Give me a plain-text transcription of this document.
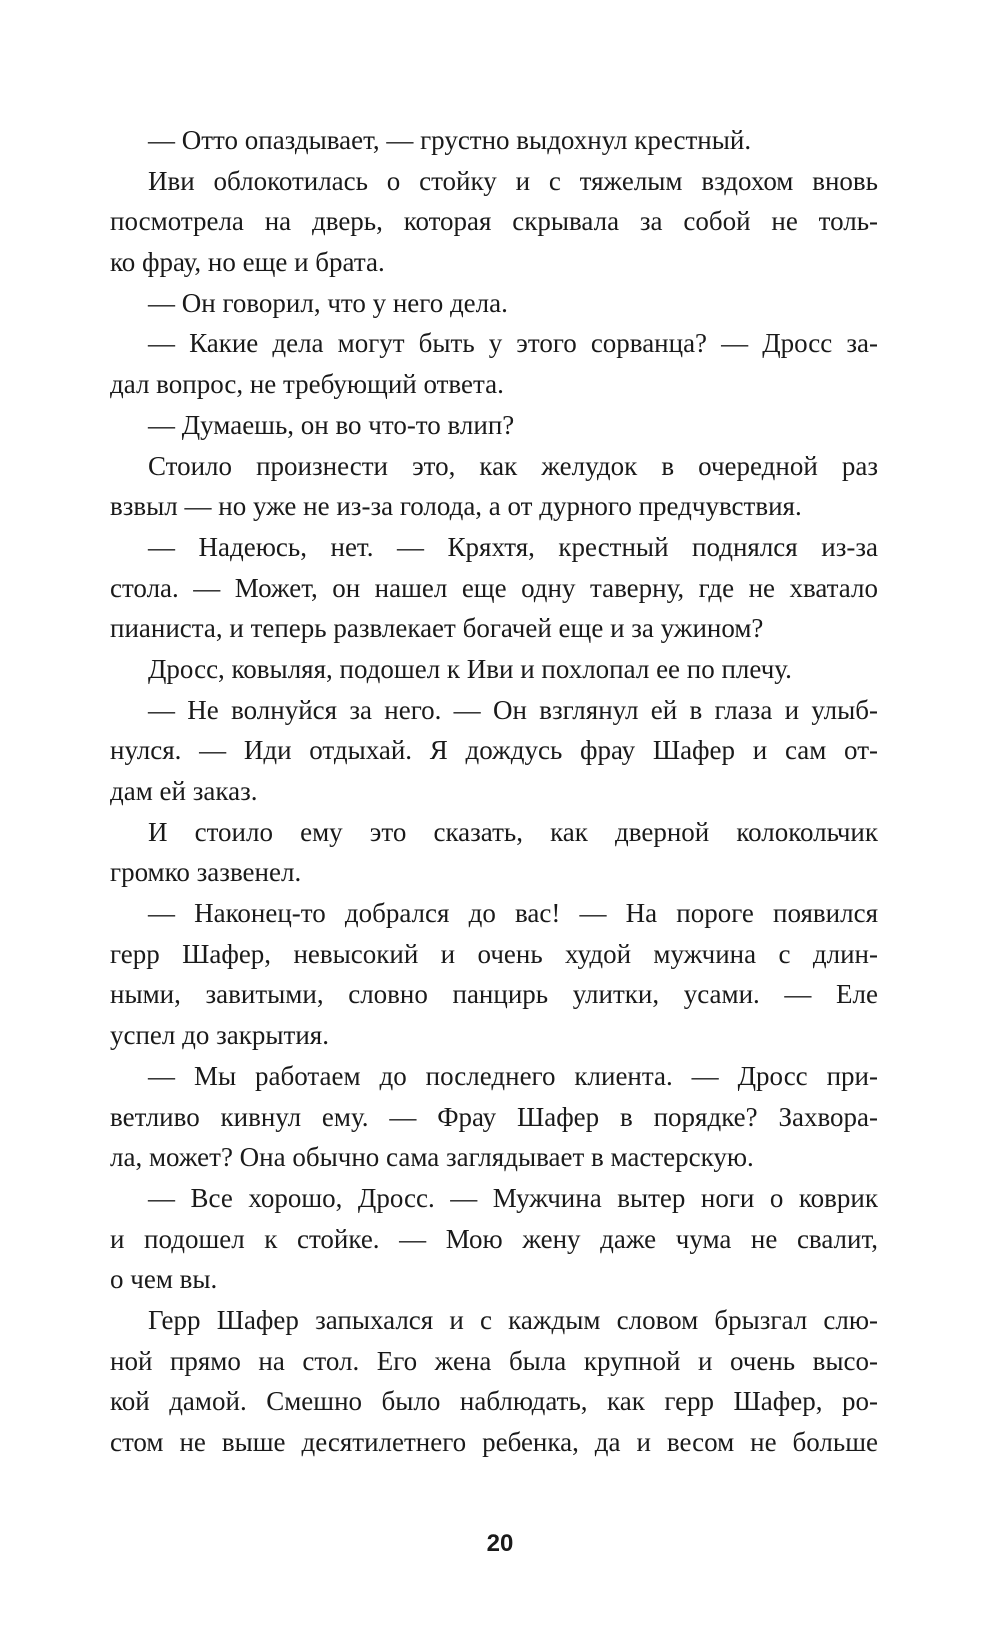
— Отто опаздывает, — грустно выдохнул крестный.
Иви облокотилась о стойку и с тяжелым вздохом вновь
посмотрела на дверь, которая скрывала за собой не толь-
ко фрау, но еще и брата.
— Он говорил, что у него дела.
— Какие дела могут быть у этого сорванца? — Дросс за-
дал вопрос, не требующий ответа.
— Думаешь, он во что-то влип?
Стоило произнести это, как желудок в очередной раз
взвыл — но уже не из-за голода, а от дурного предчувствия.
— Надеюсь, нет. — Кряхтя, крестный поднялся из-за
стола. — Может, он нашел еще одну таверну, где не хватало
пианиста, и теперь развлекает богачей еще и за ужином?
Дросс, ковыляя, подошел к Иви и похлопал ее по плечу.
— Не волнуйся за него. — Он взглянул ей в глаза и улыб-
нулся. — Иди отдыхай. Я дождусь фрау Шафер и сам от-
дам ей заказ.
И стоило ему это сказать, как дверной колокольчик
громко зазвенел.
— Наконец-то добрался до вас! — На пороге появился
герр Шафер, невысокий и очень худой мужчина с длин-
ными, завитыми, словно панцирь улитки, усами. — Еле
успел до закрытия.
— Мы работаем до последнего клиента. — Дросс при-
ветливо кивнул ему. — Фрау Шафер в порядке? Захвора-
ла, может? Она обычно сама заглядывает в мастерскую.
— Все хорошо, Дросс. — Мужчина вытер ноги о коврик
и подошел к стойке. — Мою жену даже чума не свалит,
о чем вы.
Герр Шафер запыхался и с каждым словом брызгал слю-
ной прямо на стол. Его жена была крупной и очень высо-
кой дамой. Смешно было наблюдать, как герр Шафер, ро-
стом не выше десятилетнего ребенка, да и весом не больше
20
